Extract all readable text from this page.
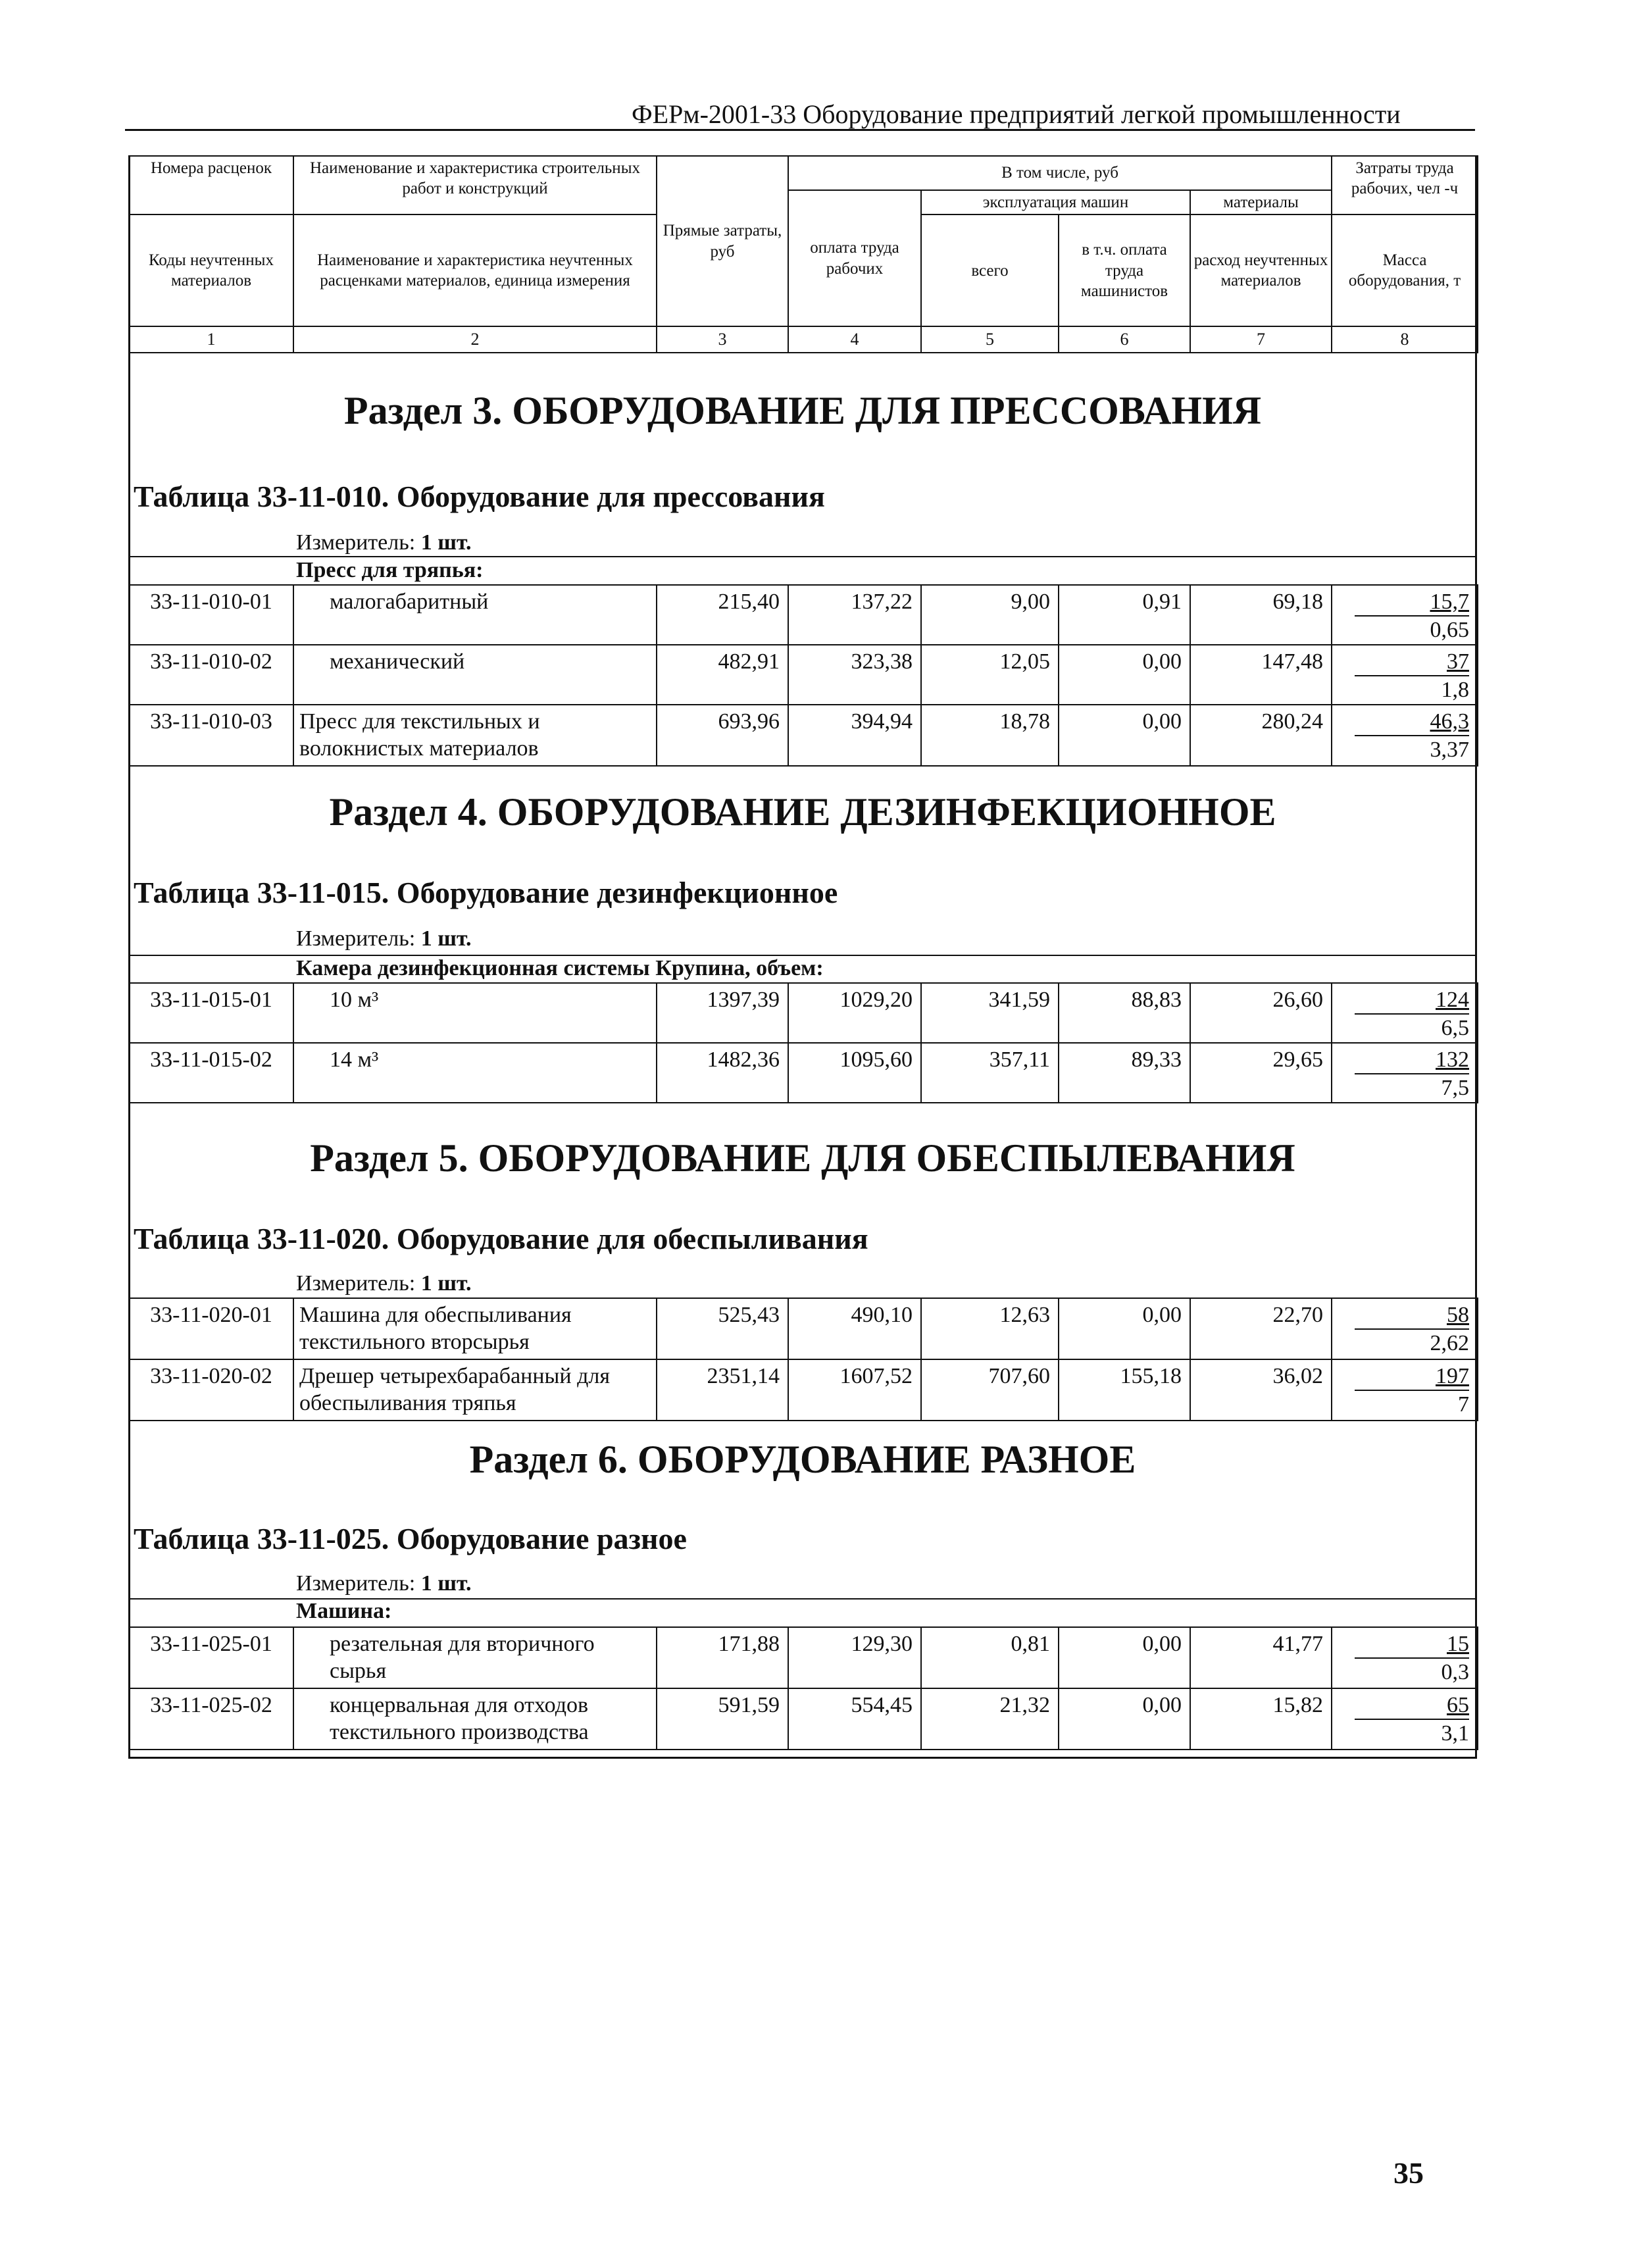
ФЕРм-2001-33 Оборудование предприятий легкой промышленности
Номера расценок	Наименование и характеристика строительных работ и конструкций	Прямые затраты, руб	В том числе, руб				Затраты труда рабочих, чел -ч
			оплата труда рабочих	эксплуатация машин		материалы	
Коды неучтенных материалов	Наименование и характеристика неучтенных расценками материалов, единица измерения			всего	в т.ч. оплата труда машинистов	расход неучтенных материалов	Масса оборудования, т
1	2	3	4	5	6	7	8
Раздел 3. ОБОРУДОВАНИЕ ДЛЯ ПРЕССОВАНИЯ
Таблица 33-11-010. Оборудование для прессования
Измеритель: 1 шт.
Пресс для тряпья:
33-11-010-01	малогабаритный	215,40	137,22	9,00	0,91	69,18	15,7
0,65

33-11-010-02	механический	482,91	323,38	12,05	0,00	147,48	37
1,8

33-11-010-03	Пресс для текстильных и волокнистых материалов	693,96	394,94	18,78	0,00	280,24	46,3
3,37
Раздел 4. ОБОРУДОВАНИЕ ДЕЗИНФЕКЦИОННОЕ
Таблица 33-11-015. Оборудование дезинфекционное
Измеритель: 1 шт.
Камера дезинфекционная системы Крупина, объем:
33-11-015-01	10 м³	1397,39	1029,20	341,59	88,83	26,60	124
6,5

33-11-015-02	14 м³	1482,36	1095,60	357,11	89,33	29,65	132
7,5
Раздел 5. ОБОРУДОВАНИЕ ДЛЯ ОБЕСПЫЛЕВАНИЯ
Таблица 33-11-020. Оборудование для обеспыливания
Измеритель: 1 шт.
33-11-020-01	Машина для обеспыливания текстильного вторсырья	525,43	490,10	12,63	0,00	22,70	58
2,62

33-11-020-02	Дрешер четырехбарабанный для обеспыливания тряпья	2351,14	1607,52	707,60	155,18	36,02	197
7
Раздел 6. ОБОРУДОВАНИЕ РАЗНОЕ
Таблица 33-11-025. Оборудование разное
Измеритель: 1 шт.
Машина:
33-11-025-01	резательная для вторичного сырья	171,88	129,30	0,81	0,00	41,77	15
0,3

33-11-025-02	концервальная для отходов текстильного производства	591,59	554,45	21,32	0,00	15,82	65
3,1
35
